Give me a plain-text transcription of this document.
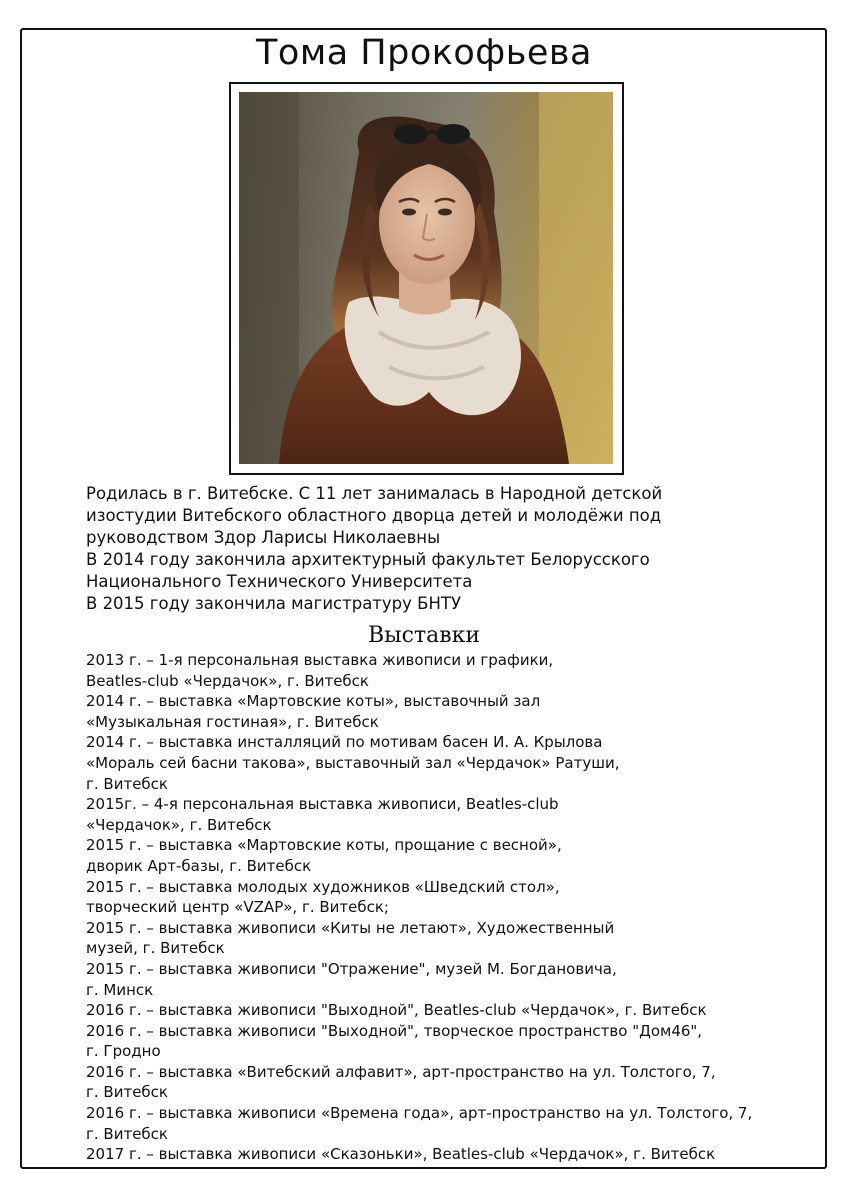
Тома Прокофьева
Родилась в г. Витебске. С 11 лет занималась в Народной детской
изостудии Витебского областного дворца детей и молодёжи под
руководством Здор Ларисы Николаевны
В 2014 году закончила архитектурный факультет Белорусского
Национального Технического Университета
В 2015 году закончила магистратуру БНТУ
Выставки
2013 г. – 1-я персональная выставка живописи и графики,
Beatles-club «Чердачок», г. Витебск
2014 г. – выставка «Мартовские коты», выставочный зал
«Музыкальная гостиная», г. Витебск
2014 г. – выставка инсталляций по мотивам басен И. А. Крылова
«Мораль сей басни такова», выставочный зал «Чердачок» Ратуши,
г. Витебск
2015г. – 4-я персональная выставка живописи, Beatles-club
«Чердачок», г. Витебск
2015 г. – выставка «Мартовские коты, прощание с весной»,
дворик Арт-базы, г. Витебск
2015 г. – выставка молодых художников «Шведский стол»,
творческий центр «VZAP», г. Витебск;
2015 г. – выставка живописи «Киты не летают», Художественный
музей, г. Витебск
2015 г. – выставка живописи "Отражение", музей М. Богдановича,
г. Минск
2016 г. – выставка живописи "Выходной", Beatles-club «Чердачок», г. Витебск
2016 г. – выставка живописи "Выходной", творческое пространство "Дом46",
г. Гродно
2016 г. – выставка «Витебский алфавит», арт-пространство на ул. Толстого, 7,
г. Витебск
2016 г. – выставка живописи «Времена года», арт-пространство на ул. Толстого, 7,
г. Витебск
2017 г. – выставка живописи «Сказоньки», Beatles-club «Чердачок», г. Витебск
